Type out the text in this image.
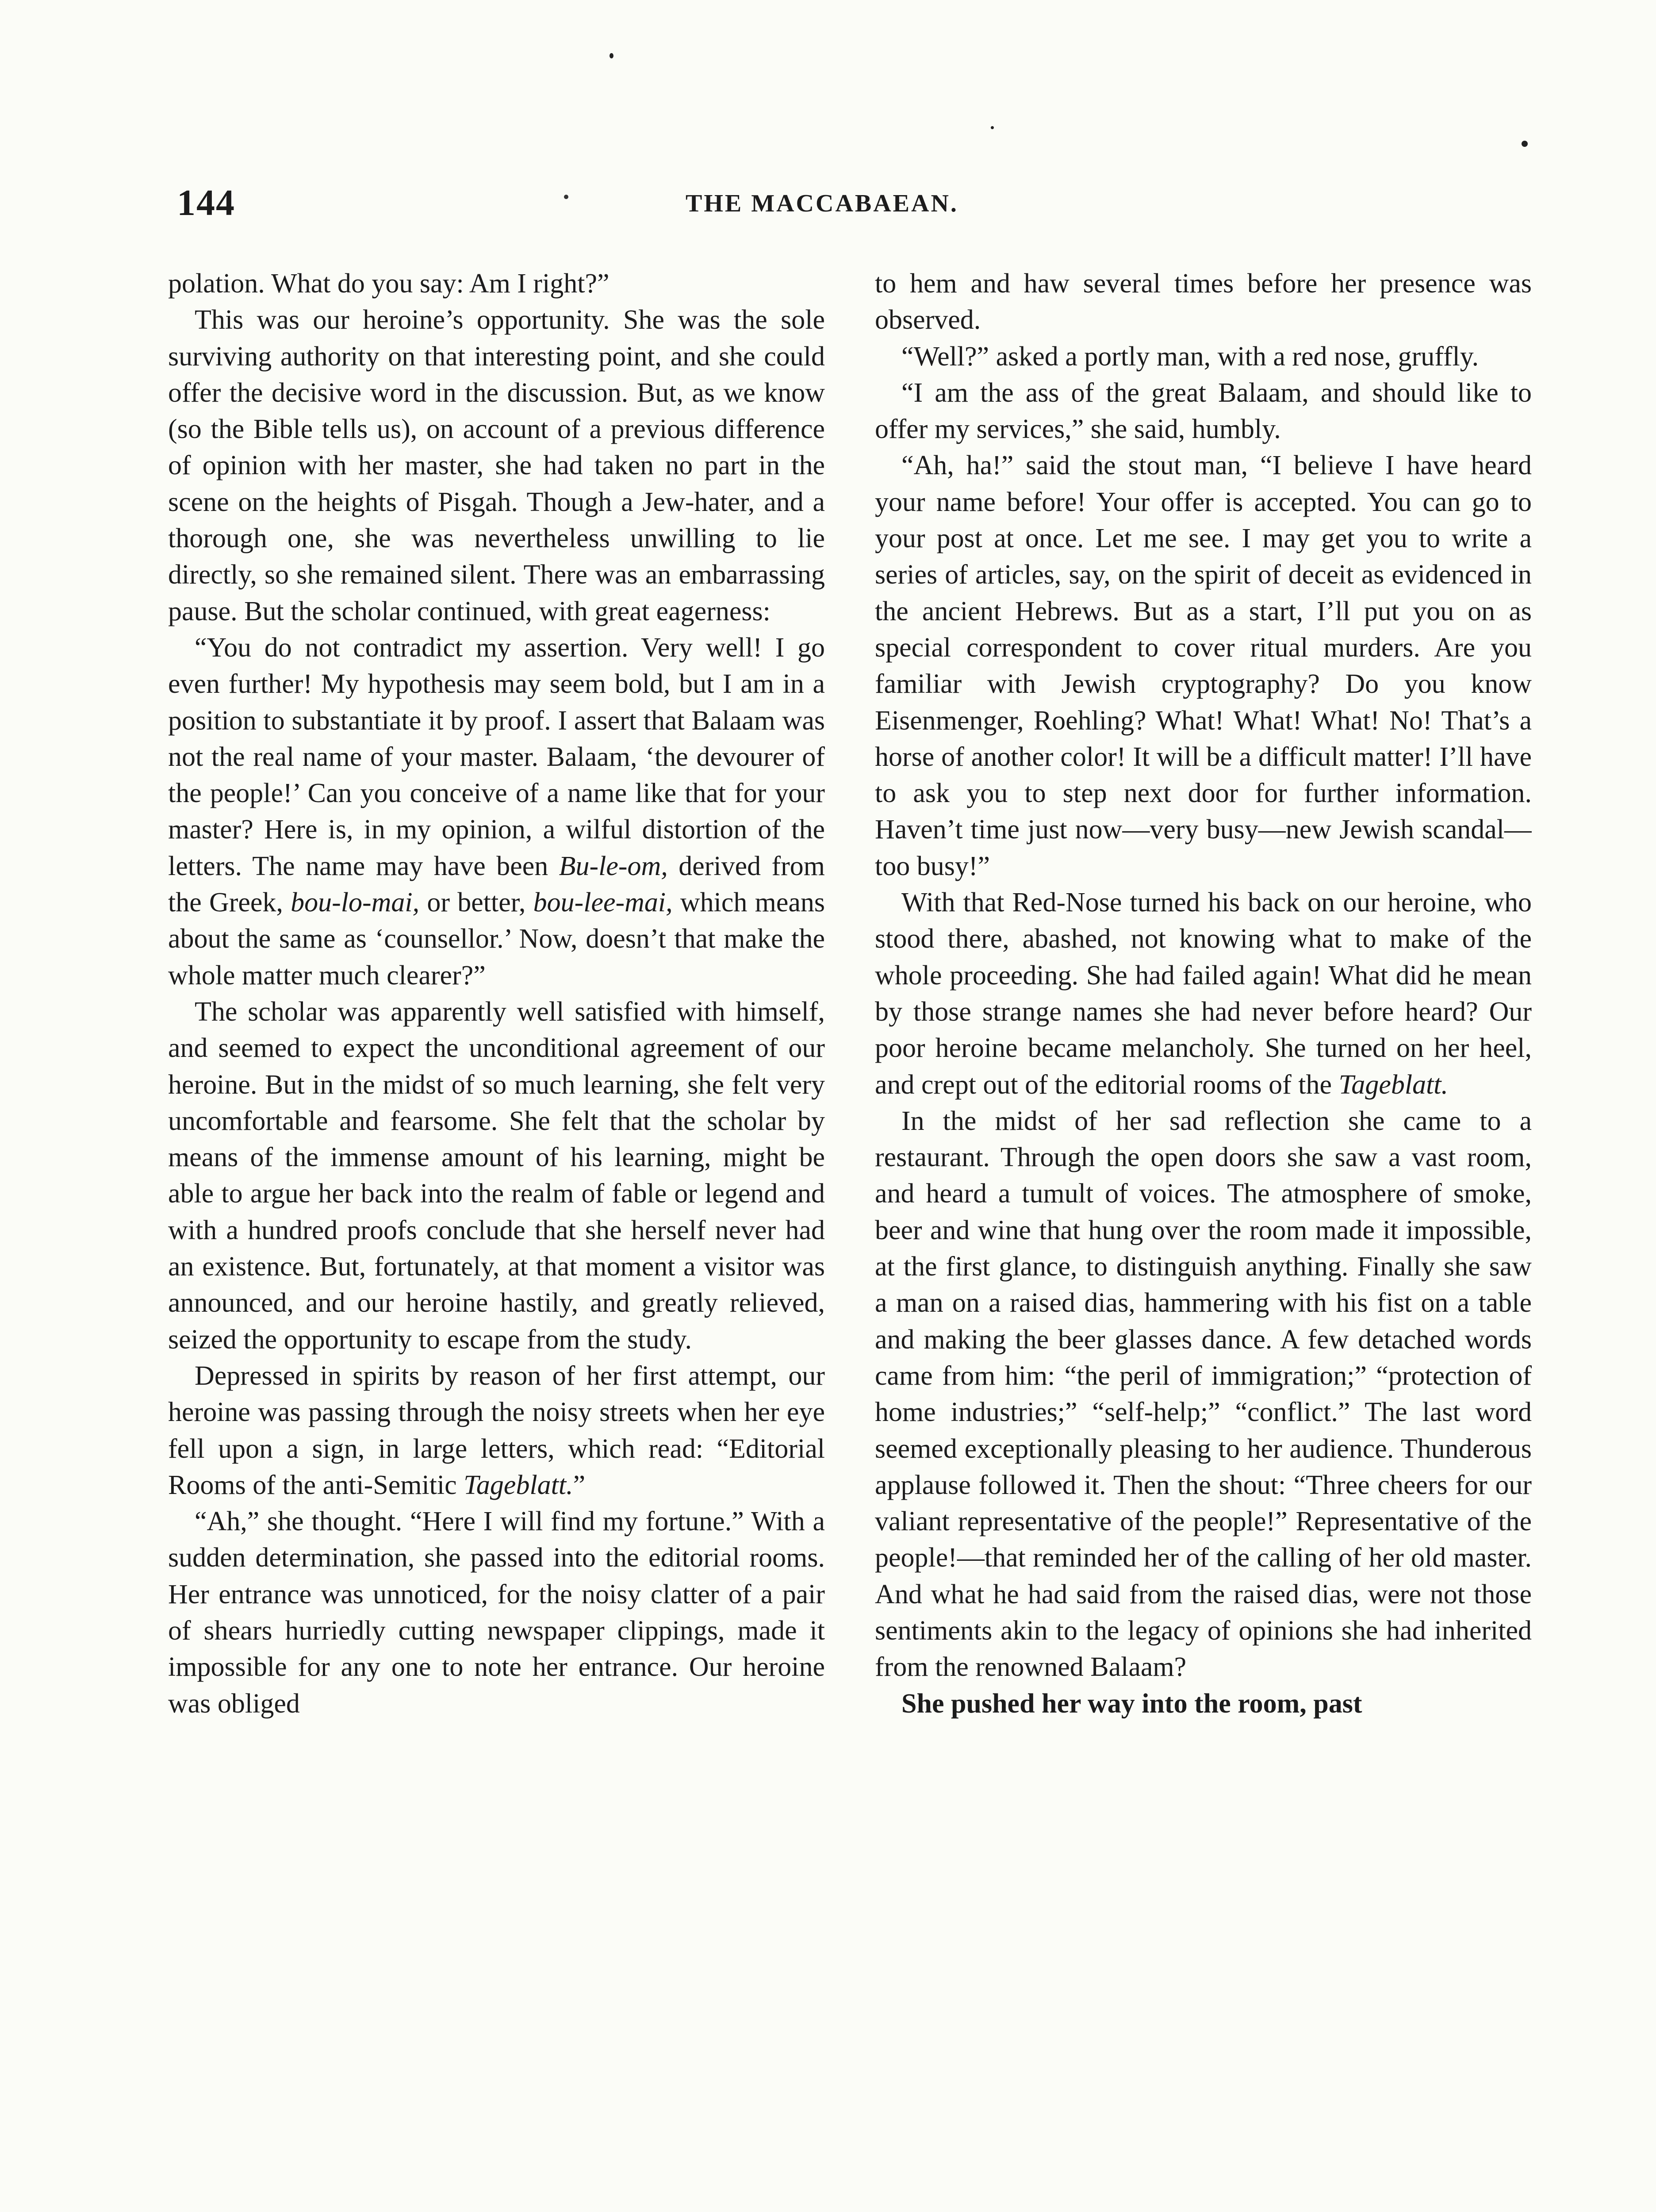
144	THE MACCABAEAN.

polation. What do you say: Am I right?”

This was our heroine’s opportunity. She was the sole surviving authority on that interesting point, and she could offer the decisive word in the discussion. But, as we know (so the Bible tells us), on account of a previous difference of opinion with her master, she had taken no part in the scene on the heights of Pisgah. Though a Jew-hater, and a thorough one, she was nevertheless unwilling to lie directly, so she remained silent. There was an embarrassing pause. But the scholar continued, with great eagerness:

“You do not contradict my assertion. Very well! I go even further! My hypothesis may seem bold, but I am in a position to substantiate it by proof. I assert that Balaam was not the real name of your master. Balaam, ‘the devourer of the people!’ Can you conceive of a name like that for your master? Here is, in my opinion, a wilful distortion of the letters. The name may have been Bu-le-om, derived from the Greek, bou-lo-mai, or better, bou-lee-mai, which means about the same as ‘counsellor.’ Now, doesn’t that make the whole matter much clearer?”

The scholar was apparently well satisfied with himself, and seemed to expect the unconditional agreement of our heroine. But in the midst of so much learning, she felt very uncomfortable and fearsome. She felt that the scholar by means of the immense amount of his learning, might be able to argue her back into the realm of fable or legend and with a hundred proofs conclude that she herself never had an existence. But, fortunately, at that moment a visitor was announced, and our heroine hastily, and greatly relieved, seized the opportunity to escape from the study.

Depressed in spirits by reason of her first attempt, our heroine was passing through the noisy streets when her eye fell upon a sign, in large letters, which read: “Editorial Rooms of the anti-Semitic Tageblatt.”

“Ah,” she thought. “Here I will find my fortune.” With a sudden determination, she passed into the editorial rooms. Her entrance was unnoticed, for the noisy clatter of a pair of shears hurriedly cutting newspaper clippings, made it impossible for any one to note her entrance. Our heroine was obliged

to hem and haw several times before her presence was observed.

“Well?” asked a portly man, with a red nose, gruffly.

“I am the ass of the great Balaam, and should like to offer my services,” she said, humbly.

“Ah, ha!” said the stout man, “I believe I have heard your name before! Your offer is accepted. You can go to your post at once. Let me see. I may get you to write a series of articles, say, on the spirit of deceit as evidenced in the ancient Hebrews. But as a start, I’ll put you on as special correspondent to cover ritual murders. Are you familiar with Jewish cryptography? Do you know Eisenmenger, Roehling? What! What! What! No! That’s a horse of another color! It will be a difficult matter! I’ll have to ask you to step next door for further information. Haven’t time just now—very busy—new Jewish scandal—too busy!”

With that Red-Nose turned his back on our heroine, who stood there, abashed, not knowing what to make of the whole proceeding. She had failed again! What did he mean by those strange names she had never before heard? Our poor heroine became melancholy. She turned on her heel, and crept out of the editorial rooms of the Tageblatt.

In the midst of her sad reflection she came to a restaurant. Through the open doors she saw a vast room, and heard a tumult of voices. The atmosphere of smoke, beer and wine that hung over the room made it impossible, at the first glance, to distinguish anything. Finally she saw a man on a raised dias, hammering with his fist on a table and making the beer glasses dance. A few detached words came from him: “the peril of immigration;” “protection of home industries;” “self-help;” “conflict.” The last word seemed exceptionally pleasing to her audience. Thunderous applause followed it. Then the shout: “Three cheers for our valiant representative of the people!” Representative of the people!—that reminded her of the calling of her old master. And what he had said from the raised dias, were not those sentiments akin to the legacy of opinions she had inherited from the renowned Balaam?

She pushed her way into the room, past
